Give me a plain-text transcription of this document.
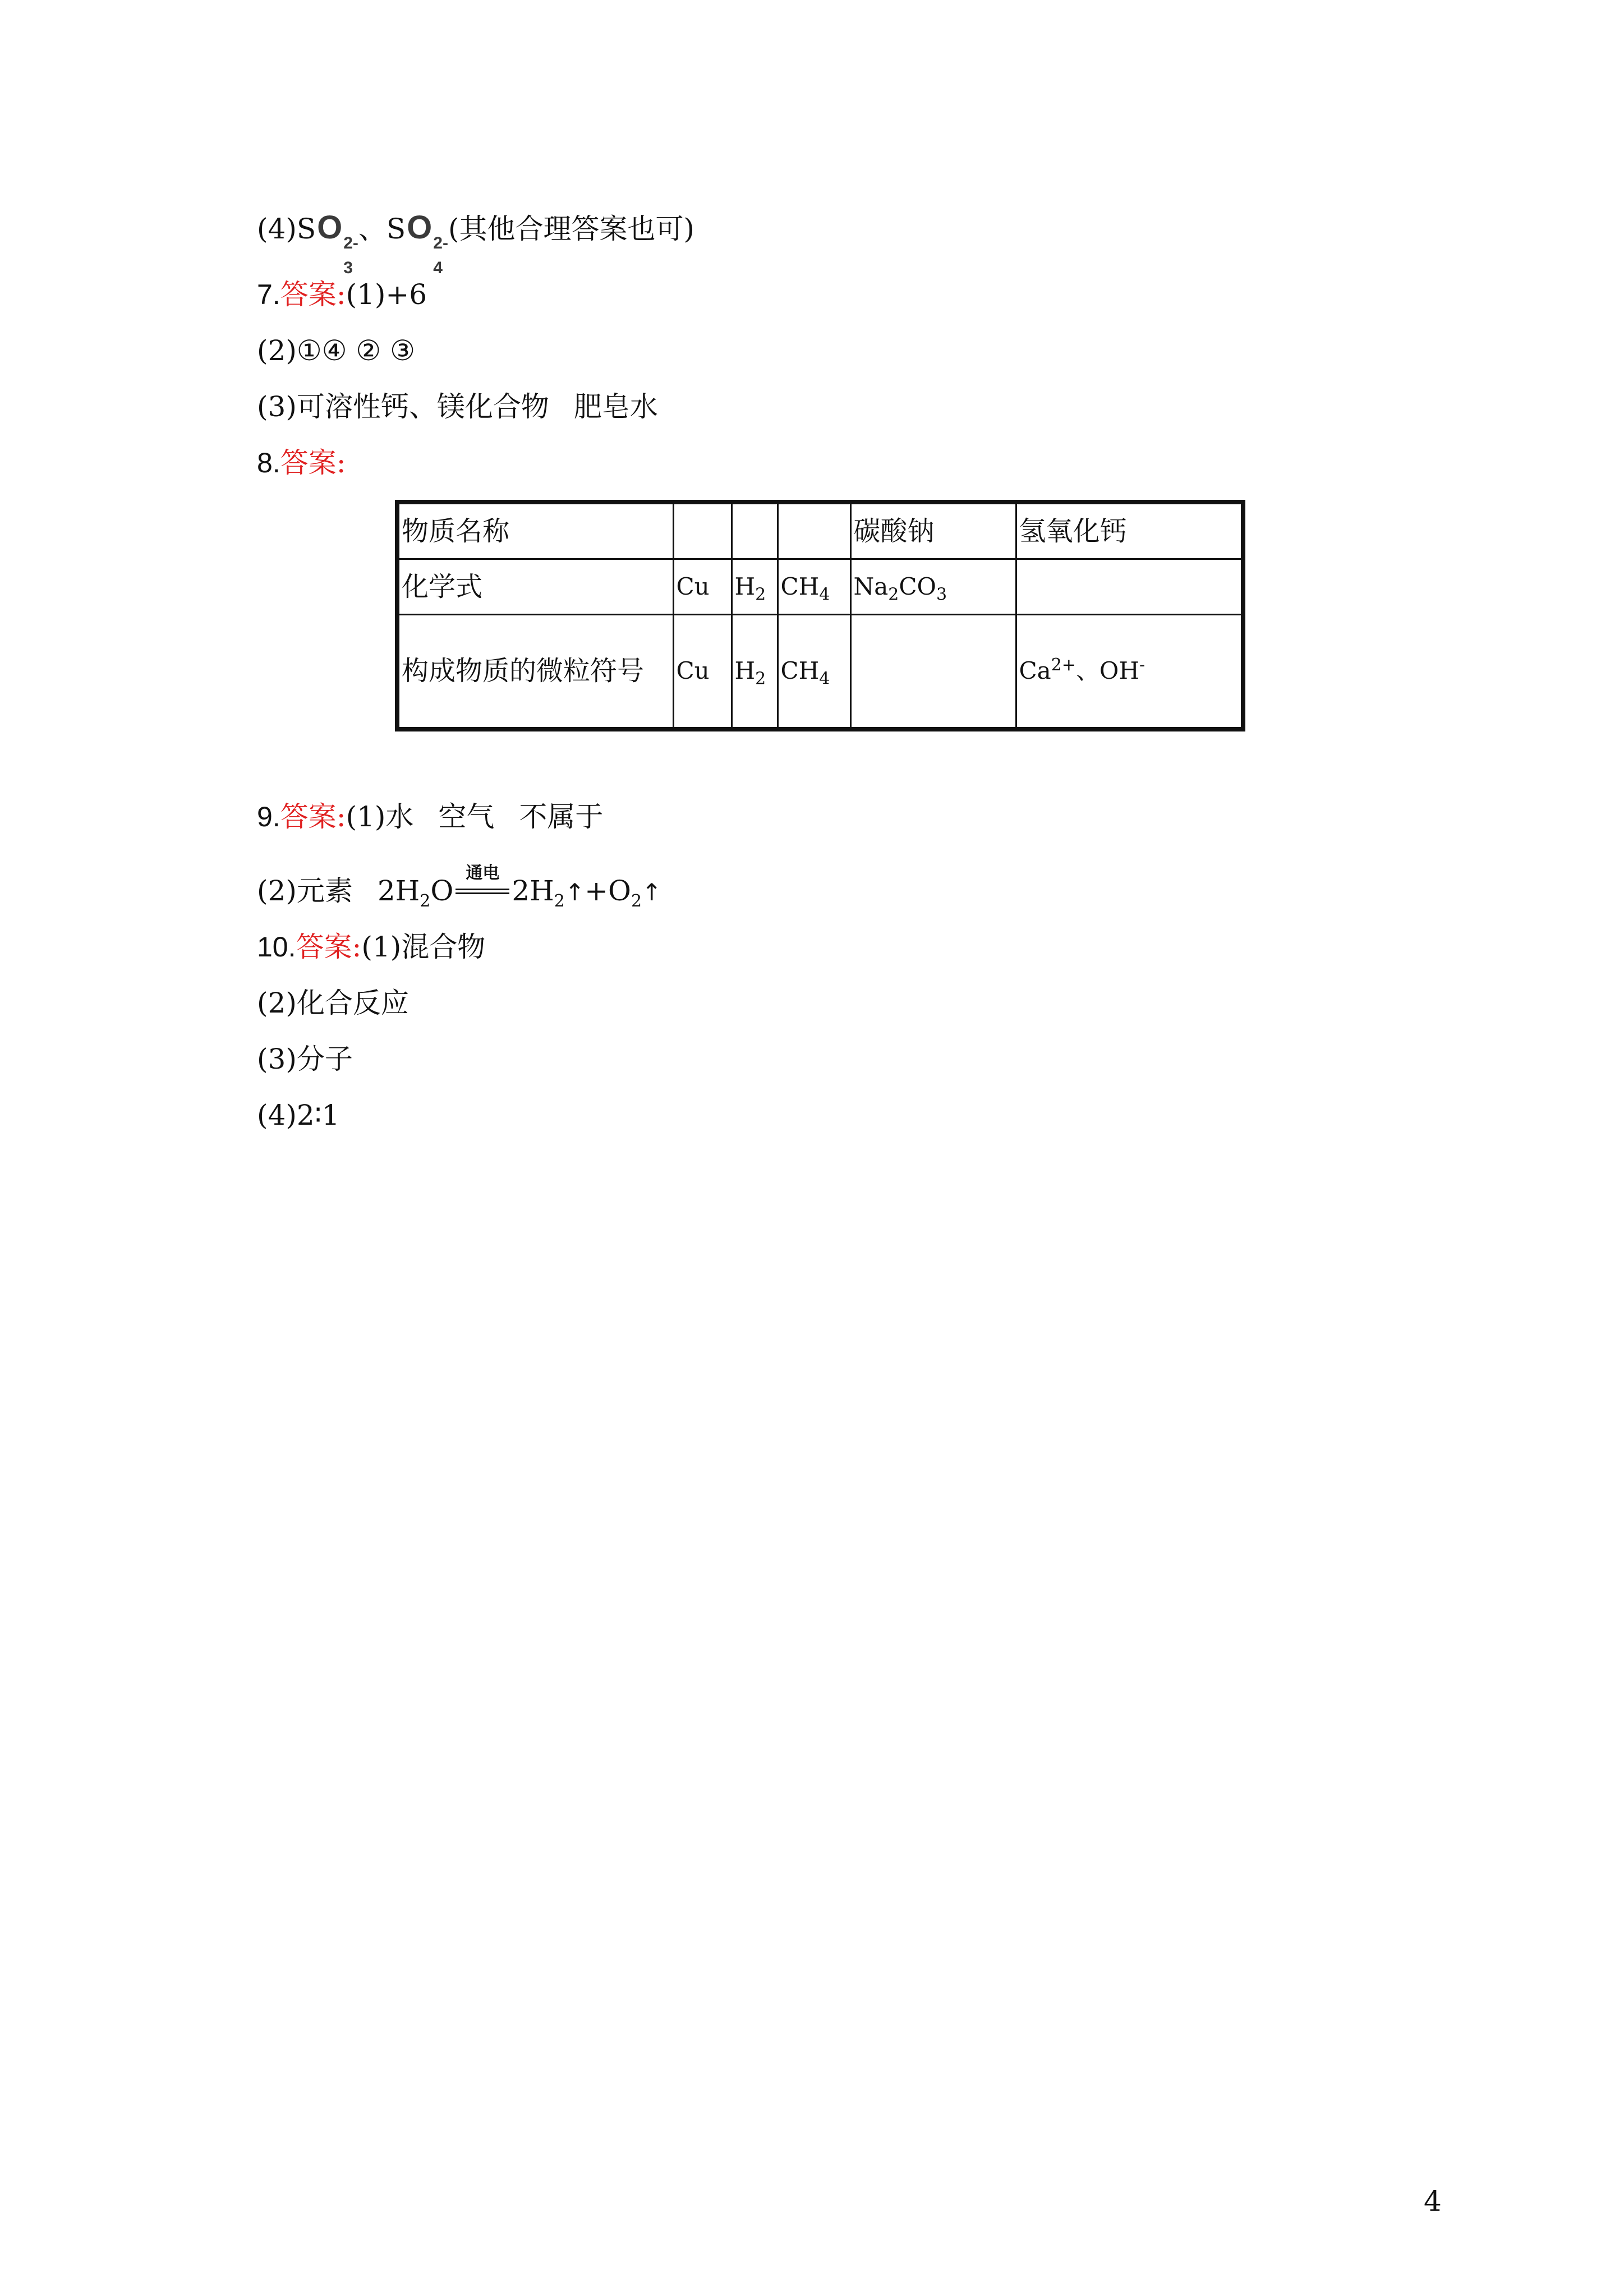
(4) S O 2-
3
、 S O 2-
4
(其他合理答案也可)
7.答案:(1)+6
(2)①④ ② ③
(3)可溶性钙、镁化合物 肥皂水
8.答案:
物质名称				碳酸钠	氢氧化钙
化学式	Cu	$H_2$	$CH_4$	$Na_2CO_3$	
构成物质的微粒符号	Cu	$H_2$	$CH_4$		$Ca^{2+}$、OH-
9.答案:(1)水 空气 不属于
(2)元素 $2H_2O$
通电
$2H_2↑+O_2↑$
10.答案:(1)混合物
(2)化合反应
(3)分子
(4)2∶1
4
